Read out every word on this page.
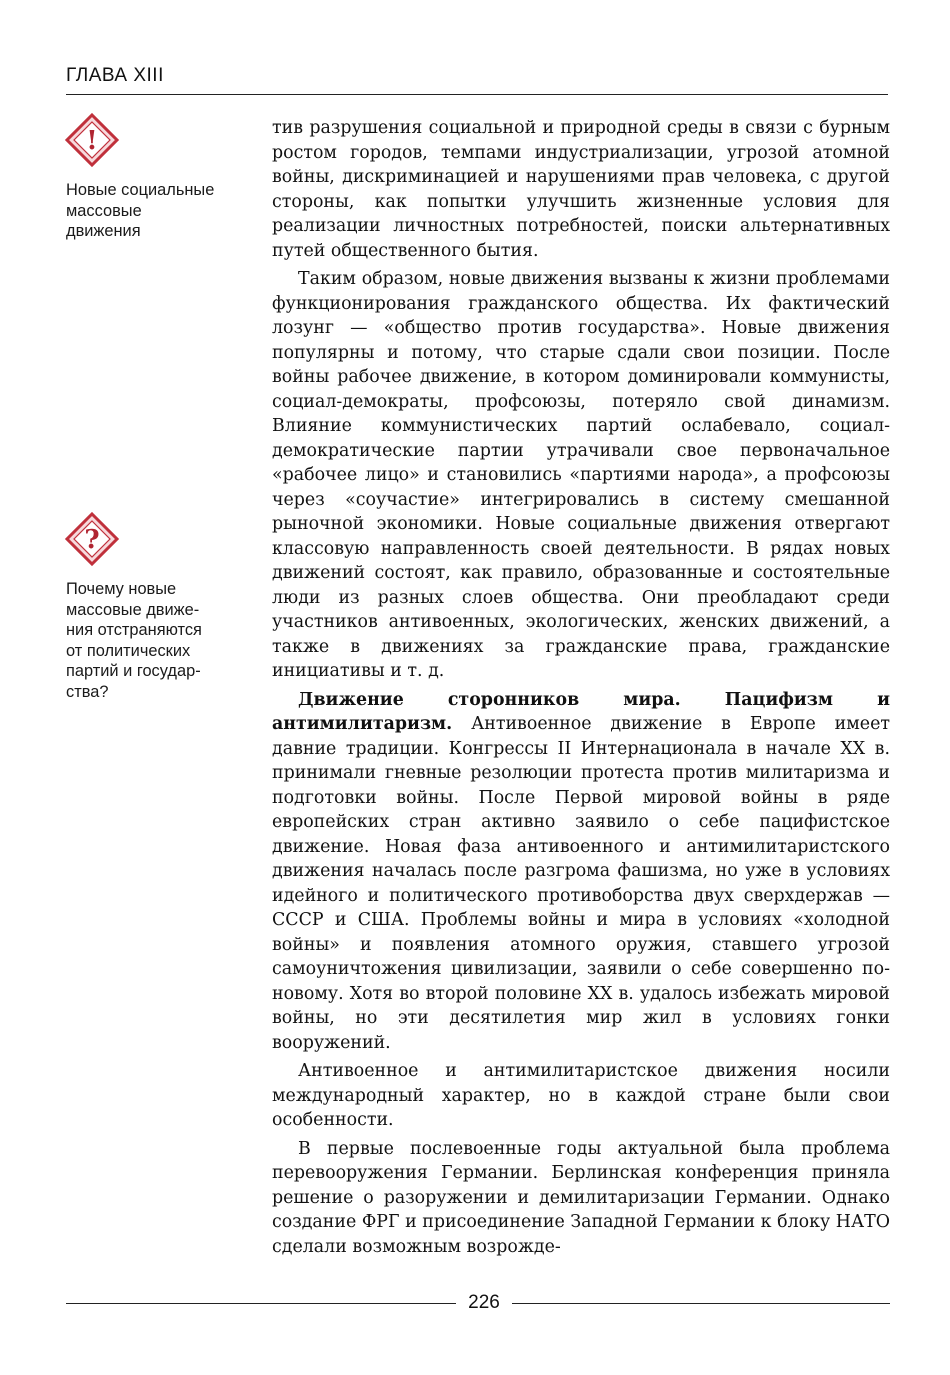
ГЛАВА XIII
!
Новые социальные
массовые
движения
?
Почему новые
массовые движе-
ния отстраняются
от политических
партий и государ-
ства?

тив разрушения социальной и природной среды в связи с бурным ростом городов, темпами индустриализации, угрозой атомной войны, дискриминацией и нарушениями прав человека, с другой стороны, как попытки улучшить жизненные условия для реализации личностных потребностей, поиски альтернативных путей общественного бытия.

Таким образом, новые движения вызваны к жизни проблемами функционирования гражданского общества. Их фактический лозунг — «общество против государства». Новые движения популярны и потому, что старые сдали свои позиции. После войны рабочее движение, в котором доминировали коммунисты, социал-демократы, профсоюзы, потеряло свой динамизм. Влияние коммунистических партий ослабевало, социал-демократические партии утрачивали свое первоначальное «рабочее лицо» и становились «партиями народа», а профсоюзы через «соучастие» интегрировались в систему смешанной рыночной экономики. Новые социальные движения отвергают классовую направленность своей деятельности. В рядах новых движений состоят, как правило, образованные и состоятельные люди из разных слоев общества. Они преобладают среди участников антивоенных, экологических, женских движений, а также в движениях за гражданские права, гражданские инициативы и т. д.

Движение сторонников мира. Пацифизм и антимилитаризм. Антивоенное движение в Европе имеет давние традиции. Конгрессы II Интернационала в начале XX в. принимали гневные резолюции протеста против милитаризма и подготовки войны. После Первой мировой войны в ряде европейских стран активно заявило о себе пацифистское движение. Новая фаза антивоенного и антимилитаристского движения началась после разгрома фашизма, но уже в условиях идейного и политического противоборства двух сверхдержав — СССР и США. Проблемы войны и мира в условиях «холодной войны» и появления атомного оружия, ставшего угрозой самоуничтожения цивилизации, заявили о себе совершенно по-новому. Хотя во второй половине XX в. удалось избежать мировой войны, но эти десятилетия мир жил в условиях гонки вооружений.

Антивоенное и антимилитаристское движения носили международный характер, но в каждой стране были свои особенности.

В первые послевоенные годы актуальной была проблема перевооружения Германии. Берлинская конференция приняла решение о разоружении и демилитаризации Германии. Однако создание ФРГ и присоединение Западной Германии к блоку НАТО сделали возможным возрожде-

226
